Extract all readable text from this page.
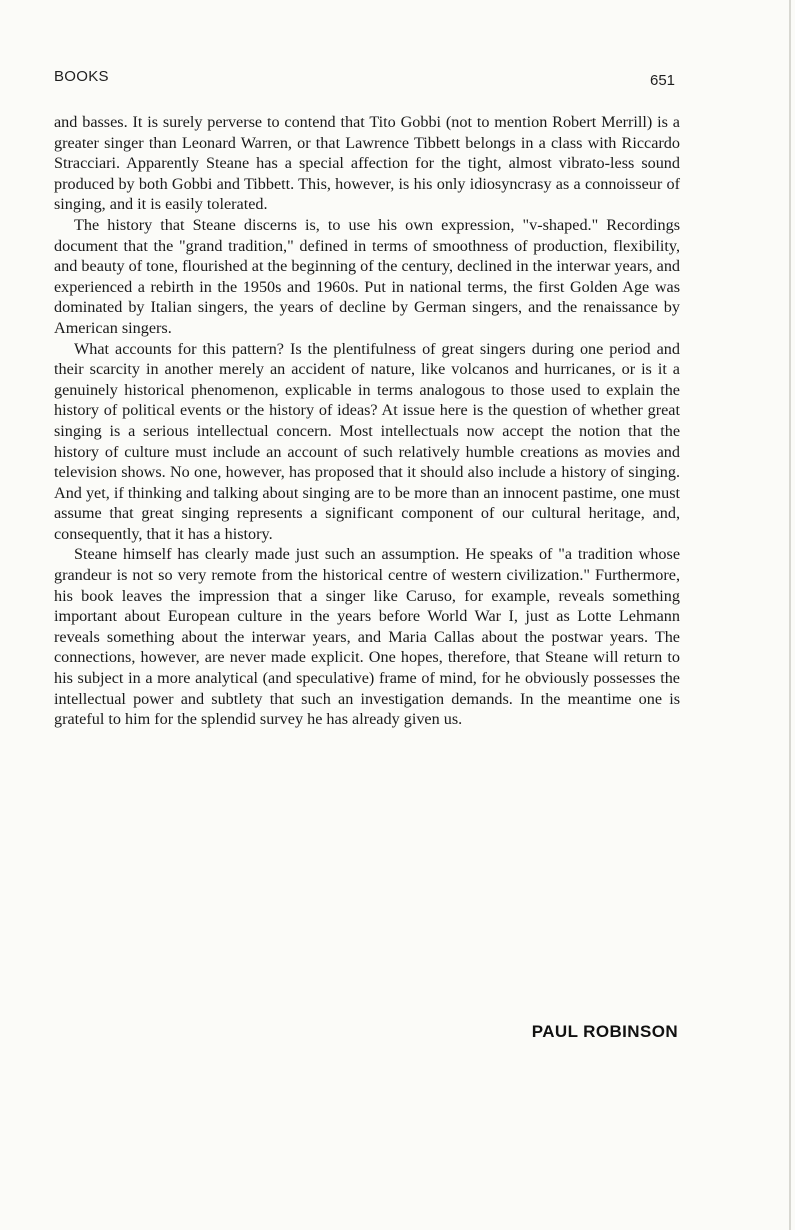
BOOKS	651

and basses. It is surely perverse to contend that Tito Gobbi (not to mention Robert Merrill) is a greater singer than Leonard Warren, or that Lawrence Tibbett belongs in a class with Riccardo Stracciari. Apparently Steane has a special affection for the tight, almost vibrato-less sound produced by both Gobbi and Tibbett. This, however, is his only idiosyncrasy as a connoisseur of singing, and it is easily tolerated.

The history that Steane discerns is, to use his own expression, "v-shaped." Recordings document that the "grand tradition," defined in terms of smoothness of production, flexibility, and beauty of tone, flourished at the beginning of the century, declined in the interwar years, and experienced a rebirth in the 1950s and 1960s. Put in national terms, the first Golden Age was dominated by Italian singers, the years of decline by German singers, and the renaissance by American singers.

What accounts for this pattern? Is the plentifulness of great singers during one period and their scarcity in another merely an accident of nature, like volcanos and hurricanes, or is it a genuinely historical phenomenon, explicable in terms analogous to those used to explain the history of political events or the history of ideas? At issue here is the question of whether great singing is a serious intellectual concern. Most intellectuals now accept the notion that the history of culture must include an account of such relatively humble creations as movies and television shows. No one, however, has proposed that it should also include a history of singing. And yet, if thinking and talking about singing are to be more than an innocent pastime, one must assume that great singing represents a significant component of our cultural heritage, and, consequently, that it has a history.

Steane himself has clearly made just such an assumption. He speaks of "a tradition whose grandeur is not so very remote from the historical centre of western civilization." Furthermore, his book leaves the impression that a singer like Caruso, for example, reveals something important about European culture in the years before World War I, just as Lotte Lehmann reveals something about the interwar years, and Maria Callas about the postwar years. The connections, however, are never made explicit. One hopes, therefore, that Steane will return to his subject in a more analytical (and speculative) frame of mind, for he obviously possesses the intellectual power and subtlety that such an investigation demands. In the meantime one is grateful to him for the splendid survey he has already given us.

PAUL ROBINSON
